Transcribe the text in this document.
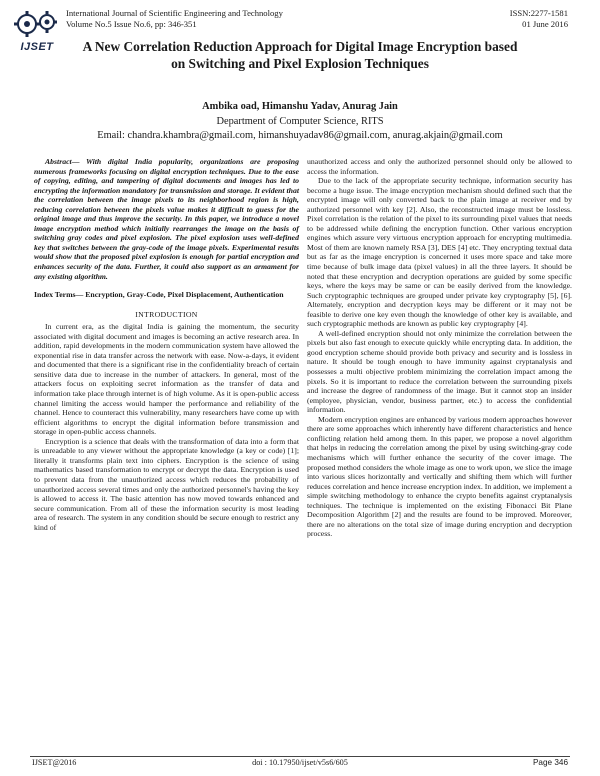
IJSET
International Journal of Scientific Engineering and Technology
Volume No.5 Issue No.6, pp: 346-351
ISSN:2277-1581
01 June 2016
A New Correlation Reduction Approach for Digital Image Encryption based
on Switching and Pixel Explosion Techniques
Ambika oad, Himanshu Yadav, Anurag Jain
Department of Computer Science, RITS
Email: chandra.khambra@gmail.com, himanshuyadav86@gmail.com, anurag.akjain@gmail.com

Abstract— With digital India popularity, organizations are proposing numerous frameworks focusing on digital encryption techniques. Due to the ease of copying, editing, and tampering of digital documents and images has led to encrypting the information mandatory for transmission and storage. It evident that the correlation between the image pixels to its neighborhood region is high, reducing correlation between the pixels value makes it difficult to guess for the original image and thus improve the security. In this paper, we introduce a novel image encryption method which initially rearranges the image on the basis of switching gray codes and pixel explosion. The pixel explosion uses well-defined key that switches between the gray-code of the image pixels. Experimental results would show that the proposed pixel explosion is enough for partial encryption and enhances security of the data. Further, it could also support as an armament for any existing algorithm.

Index Terms— Encryption, Gray-Code, Pixel Displacement, Authentication

INTRODUCTION

In current era, as the digital India is gaining the momentum, the security associated with digital document and images is becoming an active research area. In addition, rapid developments in the modern communication system have allowed the exponential rise in data transfer across the network with ease. Now-a-days, it evident and documented that there is a significant rise in the confidentiality breach of certain sensitive data due to increase in the number of attackers. In general, most of the attackers focus on exploiting secret information as the transfer of data and information take place through internet is of high volume. As it is open-public access channel limiting the access would hamper the performance and reliability of the channel. Hence to counteract this vulnerability, many researchers have come up with efficient algorithms to encrypt the digital information before transmission and storage in open-public access channels.

Encryption is a science that deals with the transformation of data into a form that is unreadable to any viewer without the appropriate knowledge (a key or code) [1]; literally it transforms plain text into ciphers. Encryption is the science of using mathematics based transformation to encrypt or decrypt the data. Encryption is used to prevent data from the unauthorized access which reduces the probability of unauthorized access several times and only the authorized personnel's having the key is allowed to access it. The basic attention has now moved towards enhanced and secure communication. From all of these the information security is most leading area of research. The system in any condition should be secure enough to restrict any kind of

unauthorized access and only the authorized personnel should only be allowed to access the information.

Due to the lack of the appropriate security technique, information security has become a huge issue. The image encryption mechanism should defined such that the encrypted image will only converted back to the plain image at receiver end by authorized personnel with key [2]. Also, the reconstructed image must be lossless. Pixel correlation is the relation of the pixel to its surrounding pixel values that needs to be addressed while defining the encryption function. Other various encryption engines which assure very virtuous encryption approach for encrypting multimedia. Most of them are known namely RSA [3], DES [4] etc. They encrypting textual data but as far as the image encryption is concerned it uses more space and take more time because of bulk image data (pixel values) in all the three layers. It should be noted that these encryption and decryption operations are guided by some specific keys, where the keys may be same or can be easily derived from the knowledge. Such cryptographic techniques are grouped under private key cryptography [5], [6]. Alternately, encryption and decryption keys may be different or it may not be feasible to derive one key even though the knowledge of other key is available, and such cryptographic methods are known as public key cryptography [4].

A well-defined encryption should not only minimize the correlation between the pixels but also fast enough to execute quickly while encrypting data. In addition, the good encryption scheme should provide both privacy and security and is lossless in nature. It should be tough enough to have immunity against cryptanalysis and possesses a multi objective problem minimizing the correlation impact among the pixels. So it is important to reduce the correlation between the surrounding pixels and increase the degree of randomness of the image. But it cannot stop an insider (employee, physician, vendor, business partner, etc.) to access the confidential information.

Modern encryption engines are enhanced by various modern approaches however there are some approaches which inherently have different characteristics and hence conflicting relation held among them. In this paper, we propose a novel algorithm that helps in reducing the correlation among the pixel by using switching-gray code mechanisms which will further enhance the security of the cover image. The proposed method considers the whole image as one to work upon, we slice the image into various slices horizontally and vertically and shifting them which will further reduces correlation and hence increase encryption index. In addition, we implement a simple switching methodology to enhance the crypto benefits against cryptanalysis techniques. The technique is implemented on the existing Fibonacci Bit Plane Decomposition Algorithm [2] and the results are found to be improved. Moreover, there are no alterations on the total size of image during encryption and decryption process.

IJSET@2016	doi : 10.17950/ijset/v5s6/605	Page 346
